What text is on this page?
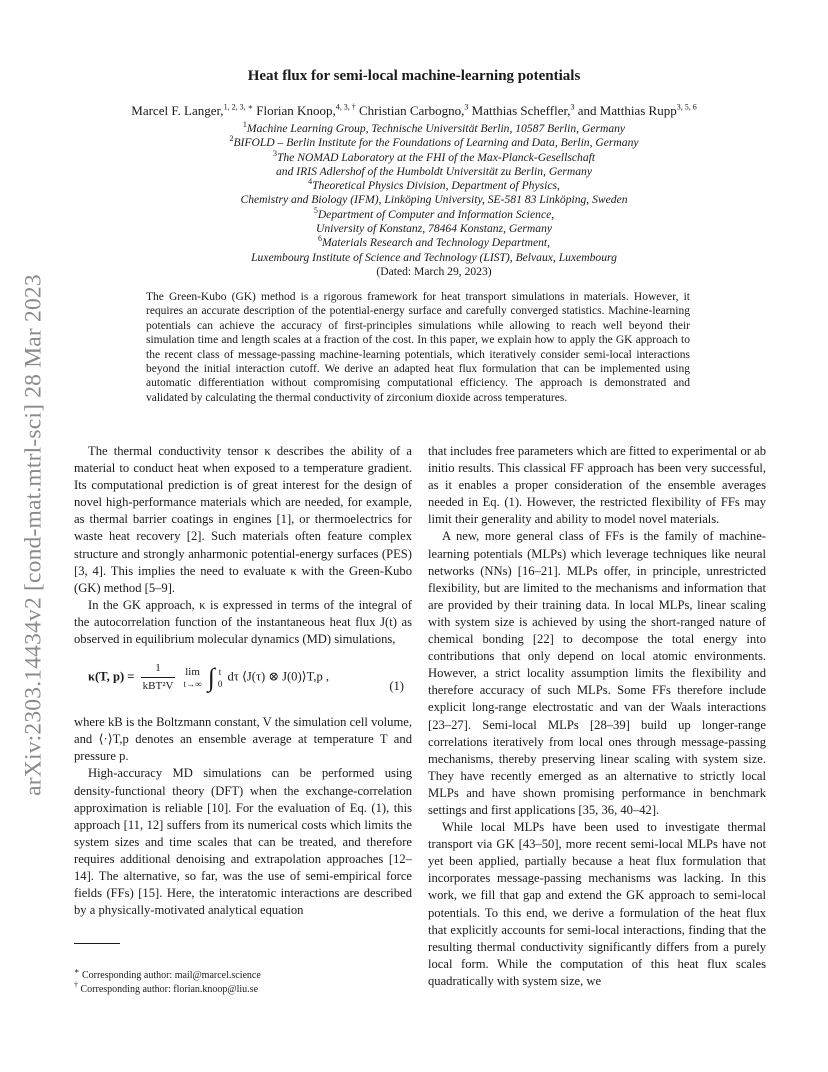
arXiv:2303.14434v2 [cond-mat.mtrl-sci] 28 Mar 2023
Heat flux for semi-local machine-learning potentials
Marcel F. Langer,$^{1, 2, 3, ∗}$ Florian Knoop,$^{4, 3, \dagger}$ Christian Carbogno,$^3$ Matthias Scheffler,$^3$ and Matthias Rupp$^{3, 5, 6}$
$^1$Machine Learning Group, Technische Universität Berlin, 10587 Berlin, Germany
$^2$BIFOLD – Berlin Institute for the Foundations of Learning and Data, Berlin, Germany
$^3$The NOMAD Laboratory at the FHI of the Max-Planck-Gesellschaft
and IRIS Adlershof of the Humboldt Universität zu Berlin, Germany
$^4$Theoretical Physics Division, Department of Physics,
Chemistry and Biology (IFM), Linköping University, SE-581 83 Linköping, Sweden
$^5$Department of Computer and Information Science,
University of Konstanz, 78464 Konstanz, Germany
$^6$Materials Research and Technology Department,
Luxembourg Institute of Science and Technology (LIST), Belvaux, Luxembourg
(Dated: March 29, 2023)
The Green-Kubo (GK) method is a rigorous framework for heat transport simulations in materials. However, it requires an accurate description of the potential-energy surface and carefully converged statistics. Machine-learning potentials can achieve the accuracy of first-principles simulations while allowing to reach well beyond their simulation time and length scales at a fraction of the cost. In this paper, we explain how to apply the GK approach to the recent class of message-passing machine-learning potentials, which iteratively consider semi-local interactions beyond the initial interaction cutoff. We derive an adapted heat flux formulation that can be implemented using automatic differentiation without compromising computational efficiency. The approach is demonstrated and validated by calculating the thermal conductivity of zirconium dioxide across temperatures.

The thermal conductivity tensor κ describes the ability of a material to conduct heat when exposed to a temperature gradient. Its computational prediction is of great interest for the design of novel high-performance materials which are needed, for example, as thermal barrier coatings in engines [1], or thermoelectrics for waste heat recovery [2]. Such materials often feature complex structure and strongly anharmonic potential-energy surfaces (PES) [3, 4]. This implies the need to evaluate κ with the Green-Kubo (GK) method [5–9].

In the GK approach, κ is expressed in terms of the integral of the autocorrelation function of the instantaneous heat flux J(t) as observed in equilibrium molecular dynamics (MD) simulations,

κ(T, $p) = \frac{1}{\text{kBT²V}}$ lim
t→∞ ∫ t
0
dτ ⟨J(τ) ⊗ J(0)⟩T,p ,
(1)

where kB is the Boltzmann constant, V the simulation cell volume, and ⟨·⟩T,p denotes an ensemble average at temperature T and pressure p.

High-accuracy MD simulations can be performed using density-functional theory (DFT) when the exchange-correlation approximation is reliable [10]. For the evaluation of Eq. (1), this approach [11, 12] suffers from its numerical costs which limits the system sizes and time scales that can be treated, and therefore requires additional denoising and extrapolation approaches [12–14]. The alternative, so far, was the use of semi-empirical force fields (FFs) [15]. Here, the interatomic interactions are described by a physically-motivated analytical equation

that includes free parameters which are fitted to experimental or ab initio results. This classical FF approach has been very successful, as it enables a proper consideration of the ensemble averages needed in Eq. (1). However, the restricted flexibility of FFs may limit their generality and ability to model novel materials.

A new, more general class of FFs is the family of machine-learning potentials (MLPs) which leverage techniques like neural networks (NNs) [16–21]. MLPs offer, in principle, unrestricted flexibility, but are limited to the mechanisms and information that are provided by their training data. In local MLPs, linear scaling with system size is achieved by using the short-ranged nature of chemical bonding [22] to decompose the total energy into contributions that only depend on local atomic environments. However, a strict locality assumption limits the flexibility and therefore accuracy of such MLPs. Some FFs therefore include explicit long-range electrostatic and van der Waals interactions [23–27]. Semi-local MLPs [28–39] build up longer-range correlations iteratively from local ones through message-passing mechanisms, thereby preserving linear scaling with system size. They have recently emerged as an alternative to strictly local MLPs and have shown promising performance in benchmark settings and first applications [35, 36, 40–42].

While local MLPs have been used to investigate thermal transport via GK [43–50], more recent semi-local MLPs have not yet been applied, partially because a heat flux formulation that incorporates message-passing mechanisms was lacking. In this work, we fill that gap and extend the GK approach to semi-local potentials. To this end, we derive a formulation of the heat flux that explicitly accounts for semi-local interactions, finding that the resulting thermal conductivity significantly differs from a purely local form. While the computation of this heat flux scales quadratically with system size, we

∗ Corresponding author: mail@marcel.science
† Corresponding author: florian.knoop@liu.se
